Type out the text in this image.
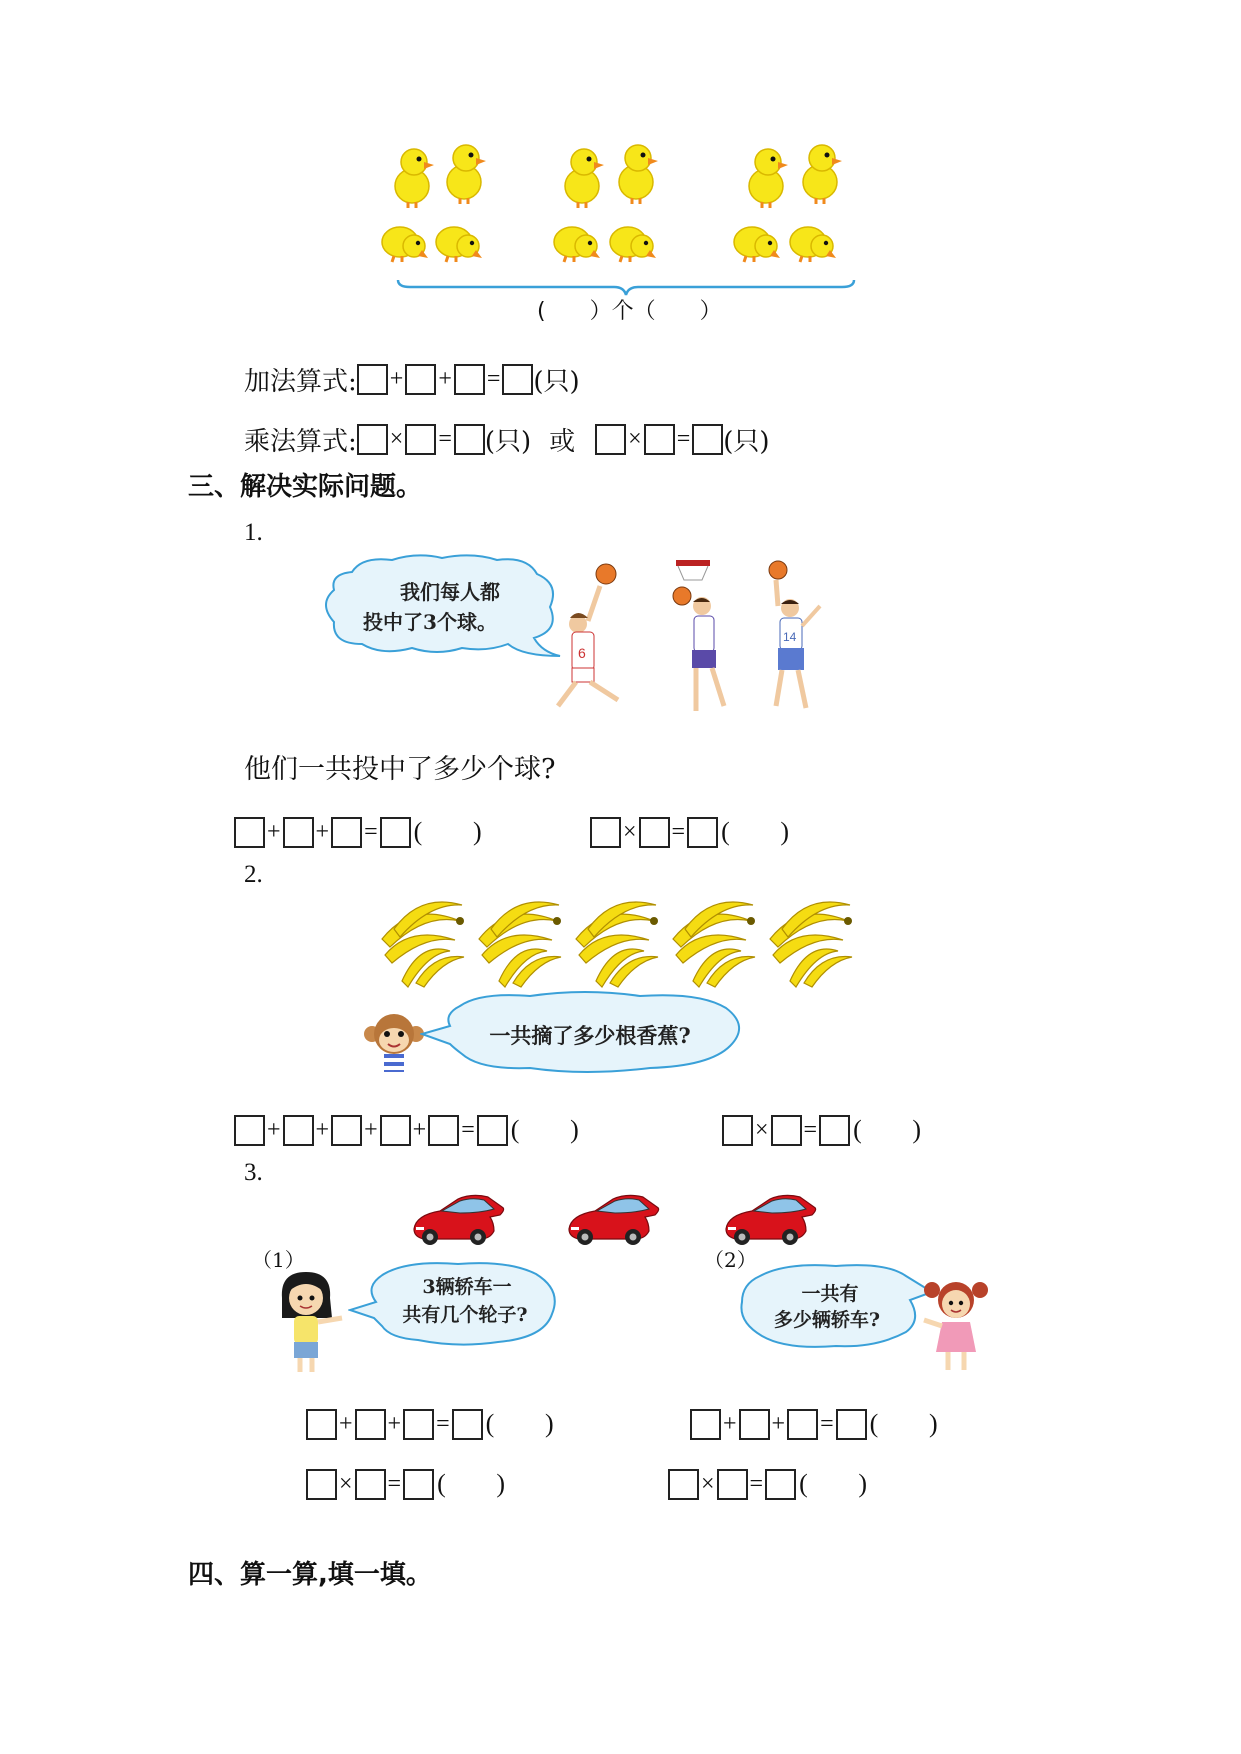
(　　）个（　　）
加法算式: + + = (只)
乘法算式: × = (只) 或 × = (只)
三、解决实际问题。
1.
我们每人都
投中了3个球。
6
14
他们一共投中了多少个球?
+ + = ( )	× = ( )
2.
一共摘了多少根香蕉?
+ + + + = ( )	× = ( )
3.
（1）	（2）
3辆轿车一
共有几个轮子?
一共有
多少辆轿车?
+ + = ( )	+ + = ( )
× = ( )	× = ( )
四、算一算,填一填。
